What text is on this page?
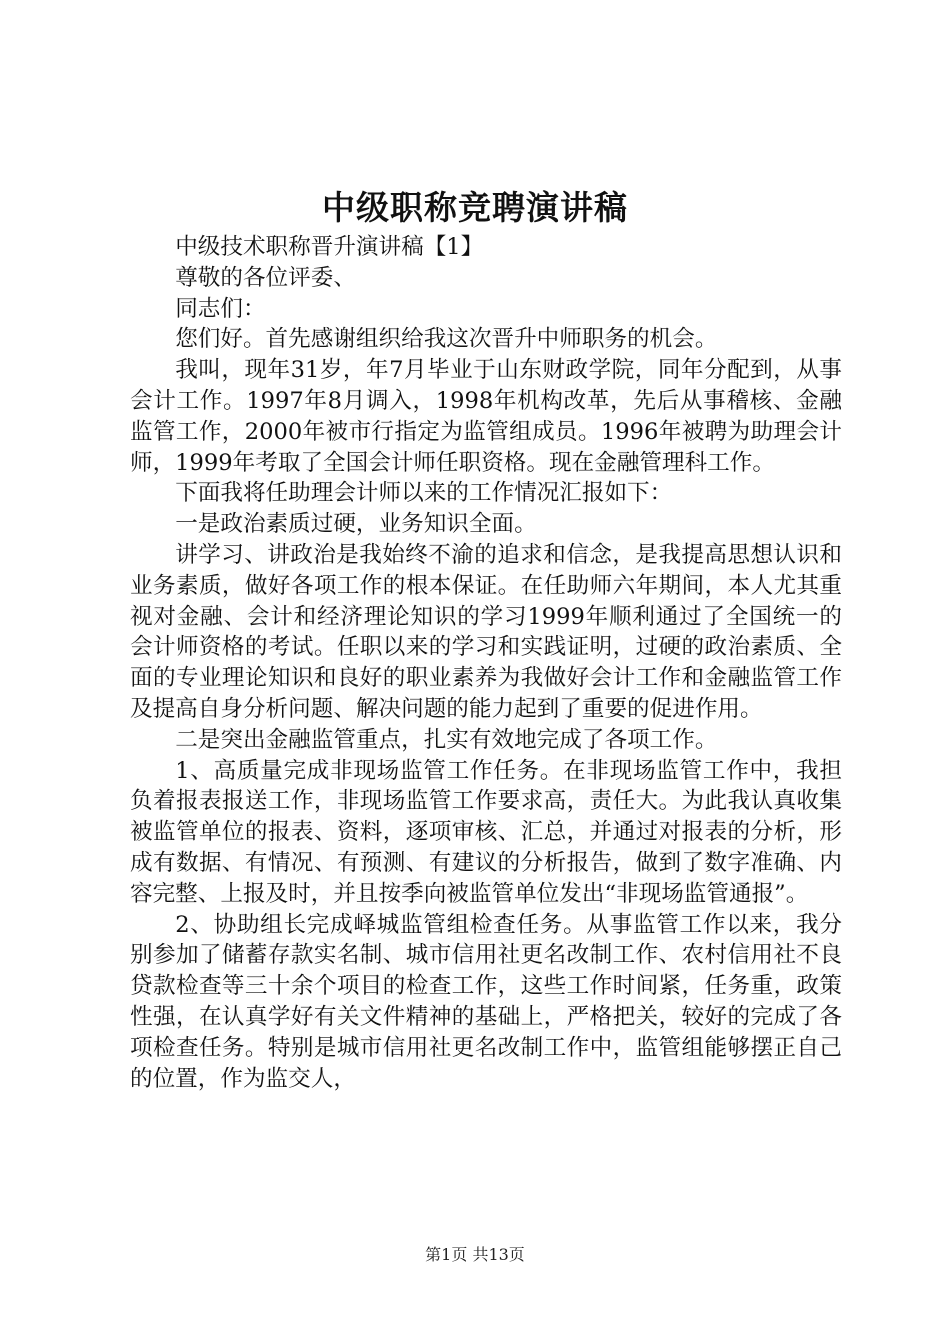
中级职称竞聘演讲稿

中级技术职称晋升演讲稿【1】

尊敬的各位评委、

同志们：

您们好。首先感谢组织给我这次晋升中师职务的机会。

我叫，现年31岁，年7月毕业于山东财政学院，同年分配到，从事会计工作。1997年8月调入，1998年机构改革，先后从事稽核、金融监管工作，2000年被市行指定为监管组成员。1996年被聘为助理会计师，1999年考取了全国会计师任职资格。现在金融管理科工作。

下面我将任助理会计师以来的工作情况汇报如下：

一是政治素质过硬，业务知识全面。

讲学习、讲政治是我始终不渝的追求和信念，是我提高思想认识和业务素质，做好各项工作的根本保证。在任助师六年期间，本人尤其重视对金融、会计和经济理论知识的学习1999年顺利通过了全国统一的会计师资格的考试。任职以来的学习和实践证明，过硬的政治素质、全面的专业理论知识和良好的职业素养为我做好会计工作和金融监管工作及提高自身分析问题、解决问题的能力起到了重要的促进作用。

二是突出金融监管重点，扎实有效地完成了各项工作。

1、高质量完成非现场监管工作任务。在非现场监管工作中，我担负着报表报送工作，非现场监管工作要求高，责任大。为此我认真收集被监管单位的报表、资料，逐项审核、汇总，并通过对报表的分析，形成有数据、有情况、有预测、有建议的分析报告，做到了数字准确、内容完整、上报及时，并且按季向被监管单位发出“非现场监管通报”。

2、协助组长完成峄城监管组检查任务。从事监管工作以来，我分别参加了储蓄存款实名制、城市信用社更名改制工作、农村信用社不良贷款检查等三十余个项目的检查工作，这些工作时间紧，任务重，政策性强，在认真学好有关文件精神的基础上，严格把关，较好的完成了各项检查任务。特别是城市信用社更名改制工作中，监管组能够摆正自己的位置，作为监交人，

第1页 共13页
